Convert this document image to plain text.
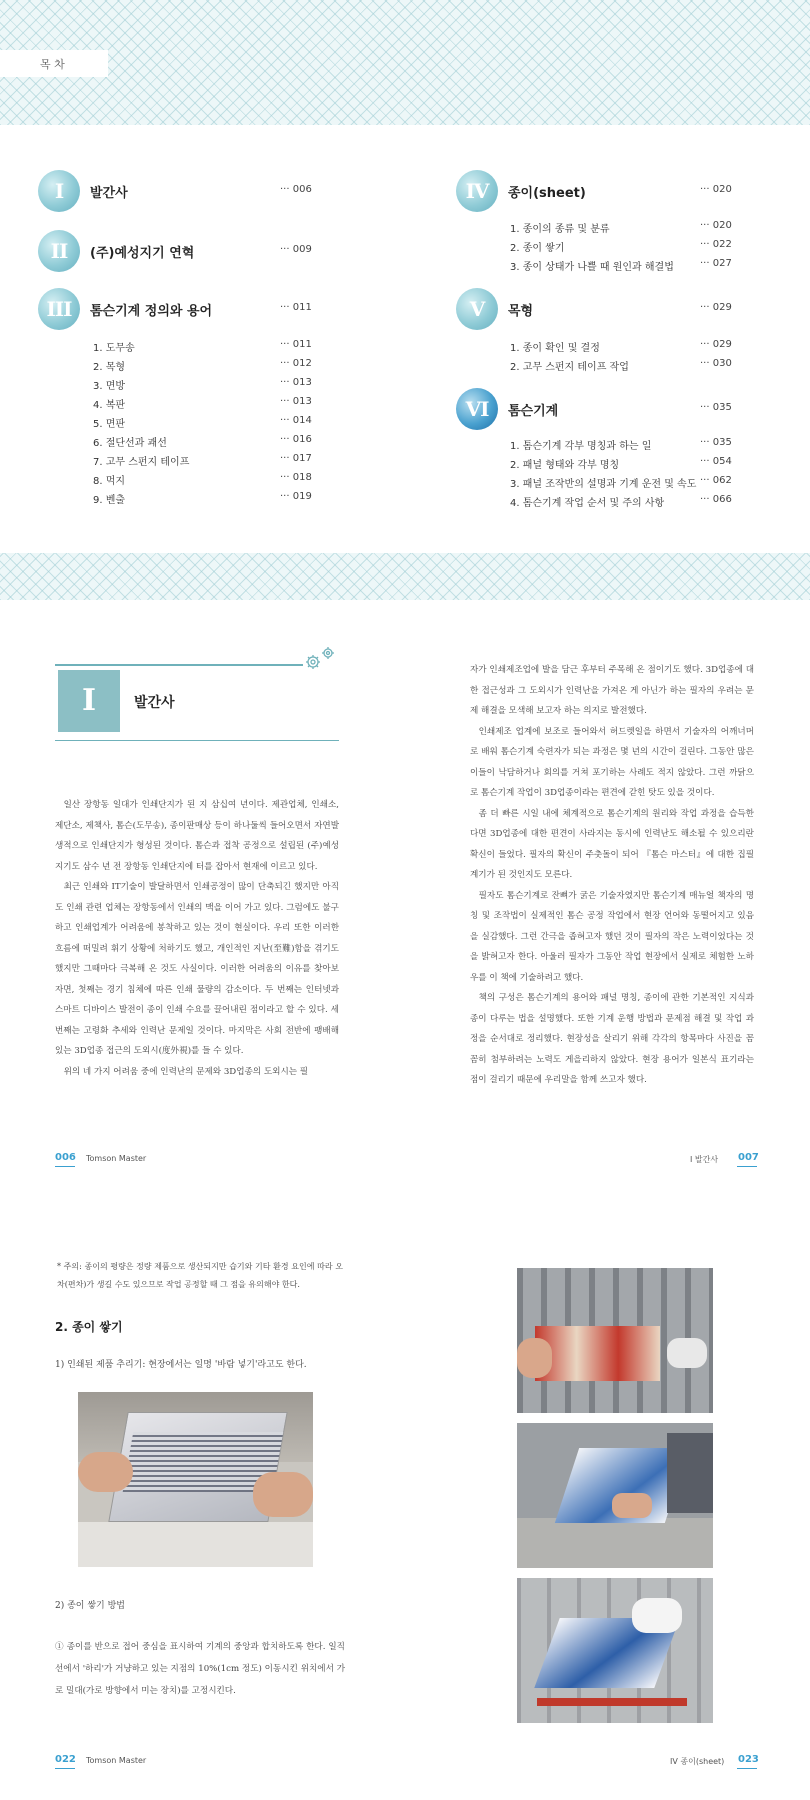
목 차
I	발간사	··· 006
II	(주)예성지기 연혁	··· 009
III	톰슨기계 정의와 용어	··· 011
1. 도무송	··· 011
2. 목형	··· 012
3. 면방	··· 013
4. 복판	··· 013
5. 면판	··· 014
6. 절단선과 괘선	··· 016
7. 고무 스펀지 테이프	··· 017
8. 먹지	··· 018
9. 벤출	··· 019
IV	종이(sheet)	··· 020
1. 종이의 종류 및 분류	··· 020
2. 종이 쌓기	··· 022
3. 종이 상태가 나쁠 때 원인과 해결법	··· 027
V	목형	··· 029
1. 종이 확인 및 결정	··· 029
2. 고무 스펀지 테이프 작업	··· 030
VI	톰슨기계	··· 035
1. 톰슨기계 각부 명칭과 하는 일	··· 035
2. 패널 형태와 각부 명칭	··· 054
3. 패널 조작반의 설명과 기계 운전 및 속도 ··· 062
4. 톰슨기계 작업 순서 및 주의 사항	··· 066
I	발간사

일산 장항동 일대가 인쇄단지가 된 지 삼십여 년이다. 제관업체, 인쇄소, 제단소, 제책사, 톰슨(도무송), 종이판매상 등이 하나둘씩 들어오면서 자연발생적으로 인쇄단지가 형성된 것이다. 톰슨과 접착 공정으로 설립된 (주)예성지기도 삼수 년 전 장항동 인쇄단지에 터를 잡아서 현재에 이르고 있다.

최근 인쇄와 IT기술이 발달하면서 인쇄공정이 많이 단축되긴 했지만 아직도 인쇄 관련 업체는 장항동에서 인쇄의 맥을 이어 가고 있다. 그럼에도 불구하고 인쇄업계가 어려움에 봉착하고 있는 것이 현실이다. 우리 또한 이러한 흐름에 떠밀려 휘기 상황에 처하기도 했고, 개인적인 지난(至難)함을 겪기도 했지만 그때마다 극복해 온 것도 사실이다. 이러한 어려움의 이유를 찾아보자면, 첫째는 경기 침체에 따른 인쇄 물량의 감소이다. 두 번째는 인터넷과 스마트 디바이스 발전이 종이 인쇄 수요를 끌어내린 점이라고 할 수 있다. 세 번째는 고령화 추세와 인력난 문제일 것이다. 마지막은 사회 전반에 팽배해 있는 3D업종 접근의 도외시(度外視)를 들 수 있다.

위의 네 가지 어려움 중에 인력난의 문제와 3D업종의 도외시는 필

자가 인쇄제조업에 발을 담근 후부터 주목해 온 점이기도 했다. 3D업종에 대한 접근성과 그 도외시가 인력난을 가져온 게 아닌가 하는 필자의 우려는 문제 해결을 모색해 보고자 하는 의지로 발전했다.

인쇄제조 업계에 보조로 들어와서 허드렛일을 하면서 기술자의 어깨너머로 배워 톰슨기계 숙련자가 되는 과정은 몇 년의 시간이 걸린다. 그동안 많은 이들이 낙담하거나 회의를 거쳐 포기하는 사례도 적지 않았다. 그런 까닭으로 톰슨기계 작업이 3D업종이라는 편견에 갇힌 탓도 있을 것이다.

좀 더 빠른 시일 내에 체계적으로 톰슨기계의 원리와 작업 과정을 습득한다면 3D업종에 대한 편견이 사라지는 동시에 인력난도 해소될 수 있으리란 확신이 들었다. 필자의 확신이 주춧돌이 되어 『톰슨 마스터』에 대한 집필 계기가 된 것인지도 모른다.

필자도 톰슨기계로 잔뼈가 굵은 기술자였지만 톰슨기계 매뉴얼 책자의 명칭 및 조작법이 실제적인 톰슨 공정 작업에서 현장 언어와 동떨어지고 있음을 실감했다. 그런 간극을 좁혀고자 했던 것이 필자의 작은 노력이었다는 것을 밝혀고자 한다. 아울러 필자가 그동안 작업 현장에서 실제로 체험한 노하우를 이 책에 기술하려고 했다.

책의 구성은 톰슨기계의 용어와 패널 명칭, 종이에 관한 기본적인 지식과 종이 다루는 법을 설명했다. 또한 기계 운행 방법과 문제점 해결 및 작업 과정을 순서대로 정리했다. 현장성을 살리기 위해 각각의 항목마다 사진을 꼼꼼히 첨부하려는 노력도 게을리하지 않았다. 현장 용어가 일본식 표기라는 점이 걸리기 때문에 우리말을 함께 쓰고자 했다.

006 Tomson Master	I 발간사 007
* 주의: 종이의 평량은 정량 제품으로 생산되지만 습기와 기타 환경 요인에 따라 오차(편차)가 생길 수도 있으므로 작업 공정할 때 그 점을 유의해야 한다.
2. 종이 쌓기
1) 인쇄된 제품 추리기: 현장에서는 일명 '바람 넣기'라고도 한다.
2) 종이 쌓기 방법
① 종이를 반으로 접어 중심을 표시하여 기계의 중앙과 합치하도록 한다. 일직선에서 '하리'가 거냥하고 있는 지점의 10%(1cm 정도) 이동시킨 위치에서 가로 밀대(가로 방향에서 미는 장치)를 고정시킨다.
022 Tomson Master	IV 종이(sheet) 023
